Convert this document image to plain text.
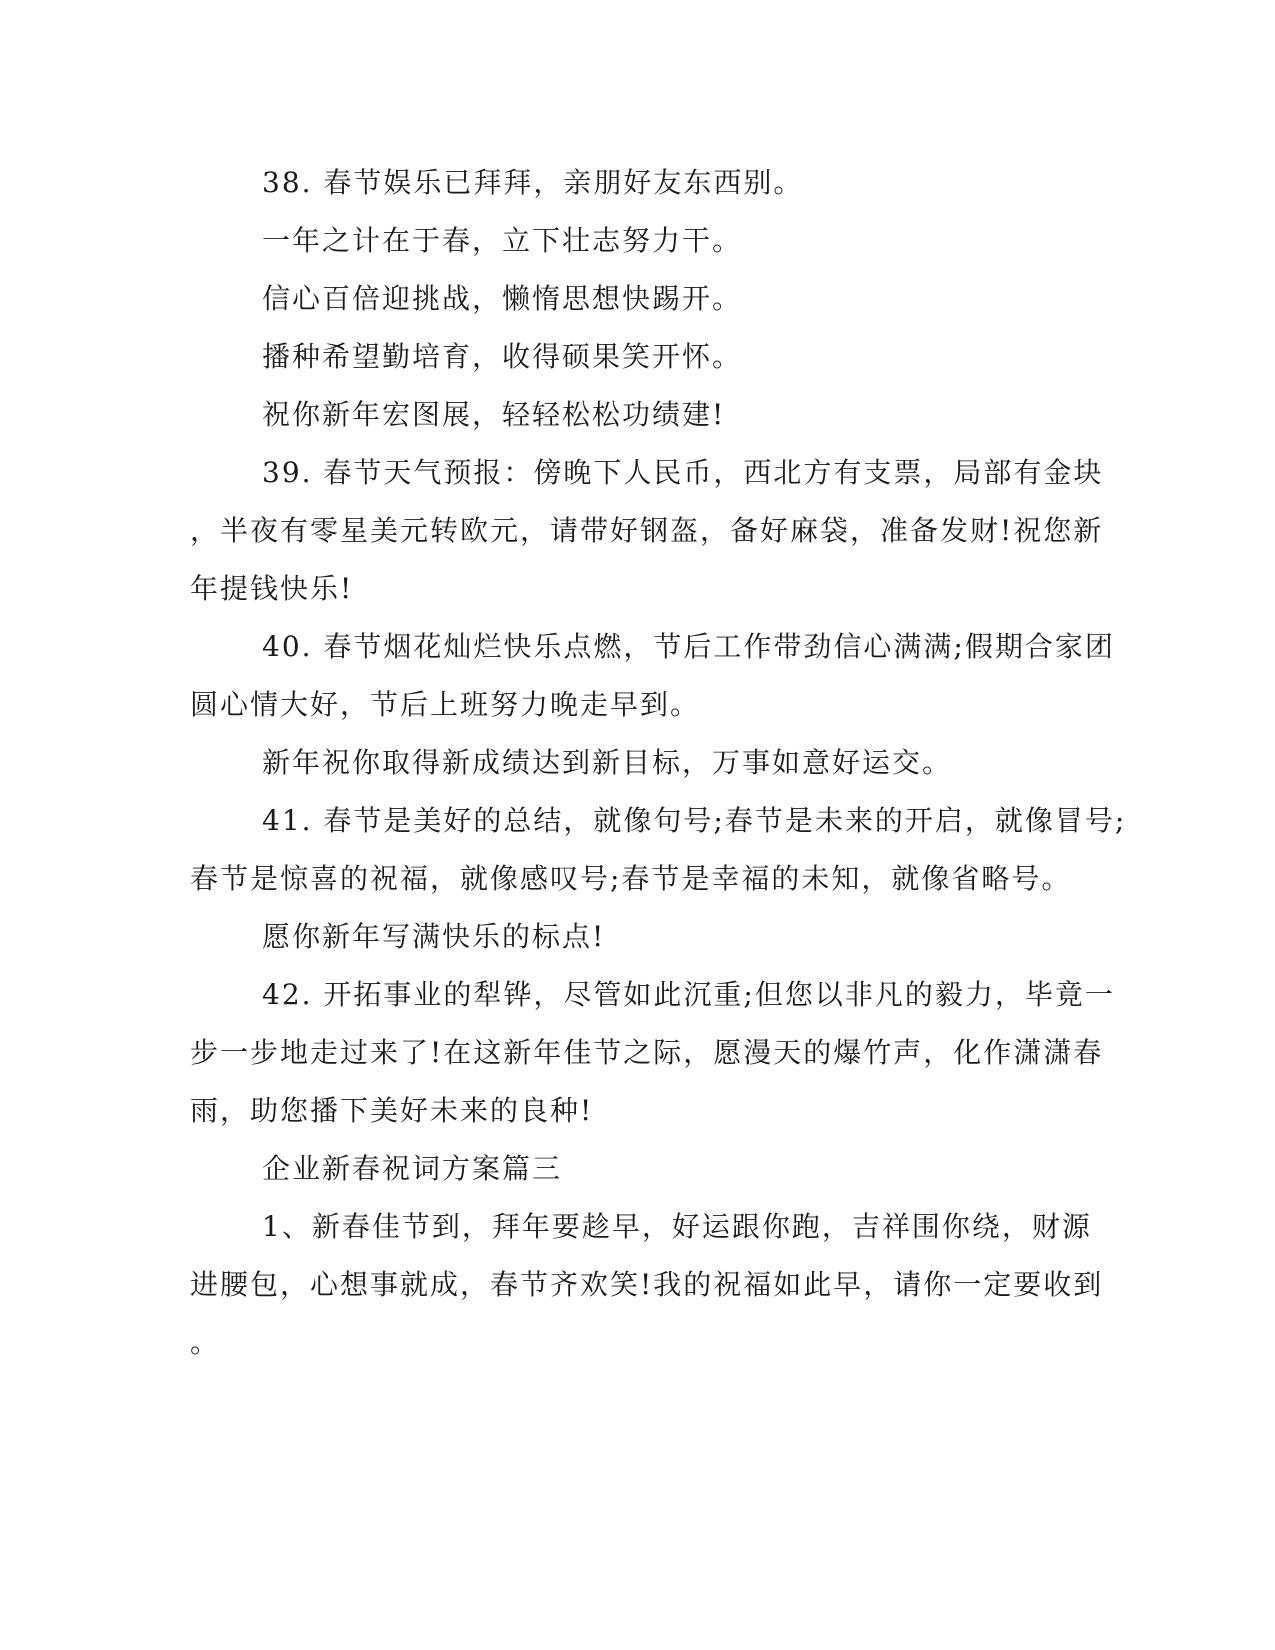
38. 春节娱乐已拜拜，亲朋好友东西别。
一年之计在于春，立下壮志努力干。
信心百倍迎挑战，懒惰思想快踢开。
播种希望勤培育，收得硕果笑开怀。
祝你新年宏图展，轻轻松松功绩建!
39. 春节天气预报：傍晚下人民币，西北方有支票，局部有金块
，半夜有零星美元转欧元，请带好钢盔，备好麻袋，准备发财!祝您新
年提钱快乐!
40. 春节烟花灿烂快乐点燃，节后工作带劲信心满满;假期合家团
圆心情大好，节后上班努力晚走早到。
新年祝你取得新成绩达到新目标，万事如意好运交。
41. 春节是美好的总结，就像句号;春节是未来的开启，就像冒号;
春节是惊喜的祝福，就像感叹号;春节是幸福的未知，就像省略号。
愿你新年写满快乐的标点!
42. 开拓事业的犁铧，尽管如此沉重;但您以非凡的毅力，毕竟一
步一步地走过来了!在这新年佳节之际，愿漫天的爆竹声，化作潇潇春
雨，助您播下美好未来的良种!
企业新春祝词方案篇三
1、新春佳节到，拜年要趁早，好运跟你跑，吉祥围你绕，财源
进腰包，心想事就成，春节齐欢笑!我的祝福如此早，请你一定要收到
。
